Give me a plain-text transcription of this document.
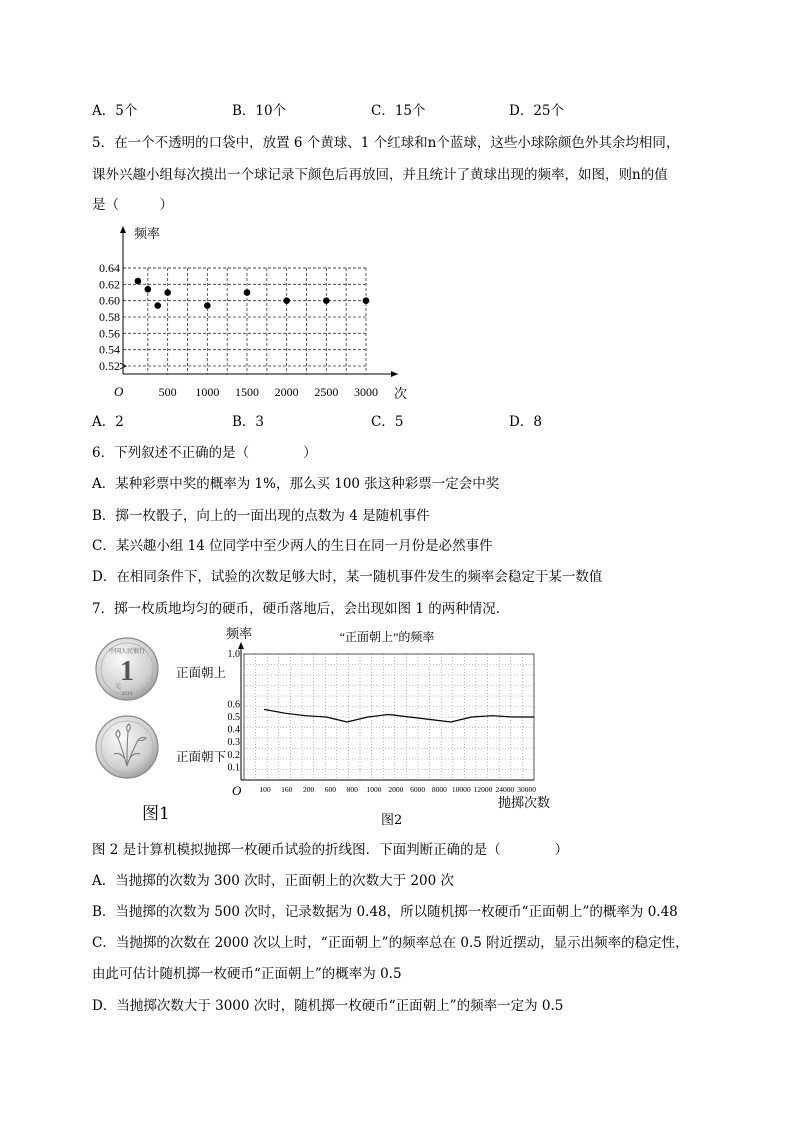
A．5个	B．10个	C．15个	D．25个
5．在一个不透明的口袋中，放置 6 个黄球、1 个红球和n个蓝球，这些小球除颜色外其余均相同，
课外兴趣小组每次摸出一个球记录下颜色后再放回，并且统计了黄球出现的频率，如图，则n的值
是（　　　）
0.52
0.54
0.56
0.58
0.60
0.62
0.64
频率
次
O	500 1000 1500 2000 2500 3000
A．2	B．3	C．5	D．8
6．下列叙述不正确的是（　　　　）
A．某种彩票中奖的概率为 1%，那么买 100 张这种彩票一定会中奖
B．掷一枚骰子，向上的一面出现的点数为 4 是随机事件
C．某兴趣小组 14 位同学中至少两人的生日在同一月份是必然事件
D．在相同条件下，试验的次数足够大时，某一随机事件发生的频率会稳定于某一数值
7．掷一枚质地均匀的硬币，硬币落地后，会出现如图 1 的两种情况．
中国人民银行
1
元
2019
正面朝上
正面朝下
图1
频率	“正面朝上”的频率
O
抛掷次数
1.0
0.6
0.5
0.4
0.3
0.2
0.1
100 160 200 600 800 1000 2000 6000 8000 10000 12000 24000 30000
图2
图 2 是计算机模拟抛掷一枚硬币试验的折线图．下面判断正确的是（　　　　）
A．当抛掷的次数为 300 次时，正面朝上的次数大于 200 次
B．当抛掷的次数为 500 次时，记录数据为 0.48，所以随机掷一枚硬币“正面朝上”的概率为 0.48
C．当抛掷的次数在 2000 次以上时，“正面朝上”的频率总在 0.5 附近摆动，显示出频率的稳定性，
由此可估计随机掷一枚硬币“正面朝上”的概率为 0.5
D．当抛掷次数大于 3000 次时，随机掷一枚硬币“正面朝上”的频率一定为 0.5
